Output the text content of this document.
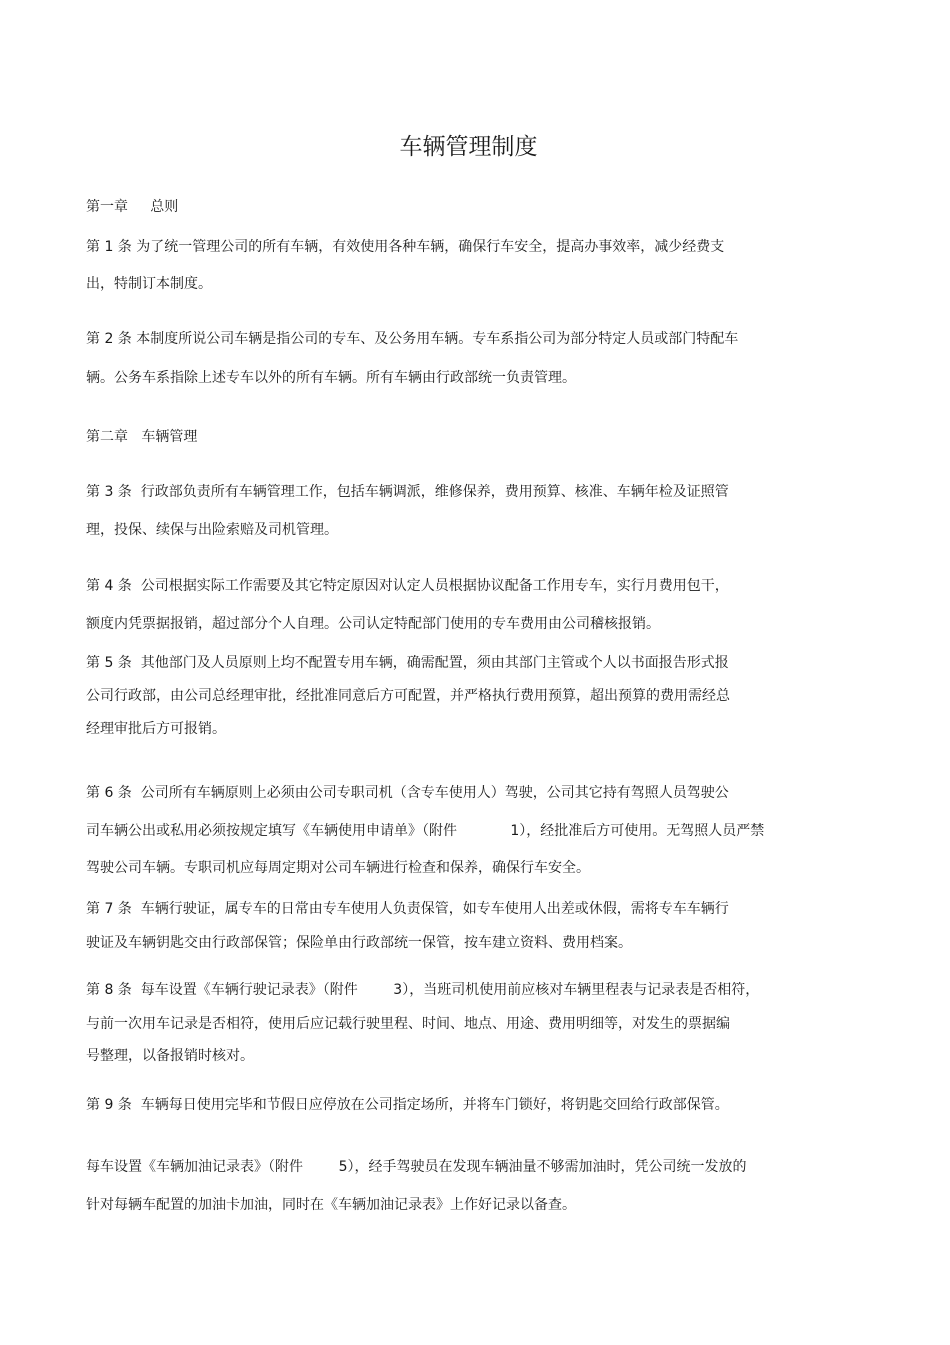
车辆管理制度
第一章     总则
第 1 条 为了统一管理公司的所有车辆，有效使用各种车辆，确保行车安全，提高办事效率，减少经费支
出，特制订本制度。
第 2 条 本制度所说公司车辆是指公司的专车、及公务用车辆。专车系指公司为部分特定人员或部门特配车
辆。公务车系指除上述专车以外的所有车辆。所有车辆由行政部统一负责管理。
第二章   车辆管理
第 3 条  行政部负责所有车辆管理工作，包括车辆调派，维修保养，费用预算、核准、车辆年检及证照管
理，投保、续保与出险索赔及司机管理。
第 4 条  公司根据实际工作需要及其它特定原因对认定人员根据协议配备工作用专车，实行月费用包干，
额度内凭票据报销，超过部分个人自理。公司认定特配部门使用的专车费用由公司稽核报销。
第 5 条  其他部门及人员原则上均不配置专用车辆，确需配置，须由其部门主管或个人以书面报告形式报
公司行政部，由公司总经理审批，经批准同意后方可配置，并严格执行费用预算，超出预算的费用需经总
经理审批后方可报销。
第 6 条  公司所有车辆原则上必须由公司专职司机（含专车使用人）驾驶，公司其它持有驾照人员驾驶公
司车辆公出或私用必须按规定填写《车辆使用申请单》（附件            1），经批准后方可使用。无驾照人员严禁
驾驶公司车辆。专职司机应每周定期对公司车辆进行检查和保养，确保行车安全。
第 7 条  车辆行驶证，属专车的日常由专车使用人负责保管，如专车使用人出差或休假，需将专车车辆行
驶证及车辆钥匙交由行政部保管；保险单由行政部统一保管，按车建立资料、费用档案。
第 8 条  每车设置《车辆行驶记录表》（附件        3），当班司机使用前应核对车辆里程表与记录表是否相符，
与前一次用车记录是否相符，使用后应记载行驶里程、时间、地点、用途、费用明细等，对发生的票据编
号整理，以备报销时核对。
第 9 条  车辆每日使用完毕和节假日应停放在公司指定场所，并将车门锁好，将钥匙交回给行政部保管。
每车设置《车辆加油记录表》（附件        5），经手驾驶员在发现车辆油量不够需加油时，凭公司统一发放的
针对每辆车配置的加油卡加油，同时在《车辆加油记录表》上作好记录以备查。
